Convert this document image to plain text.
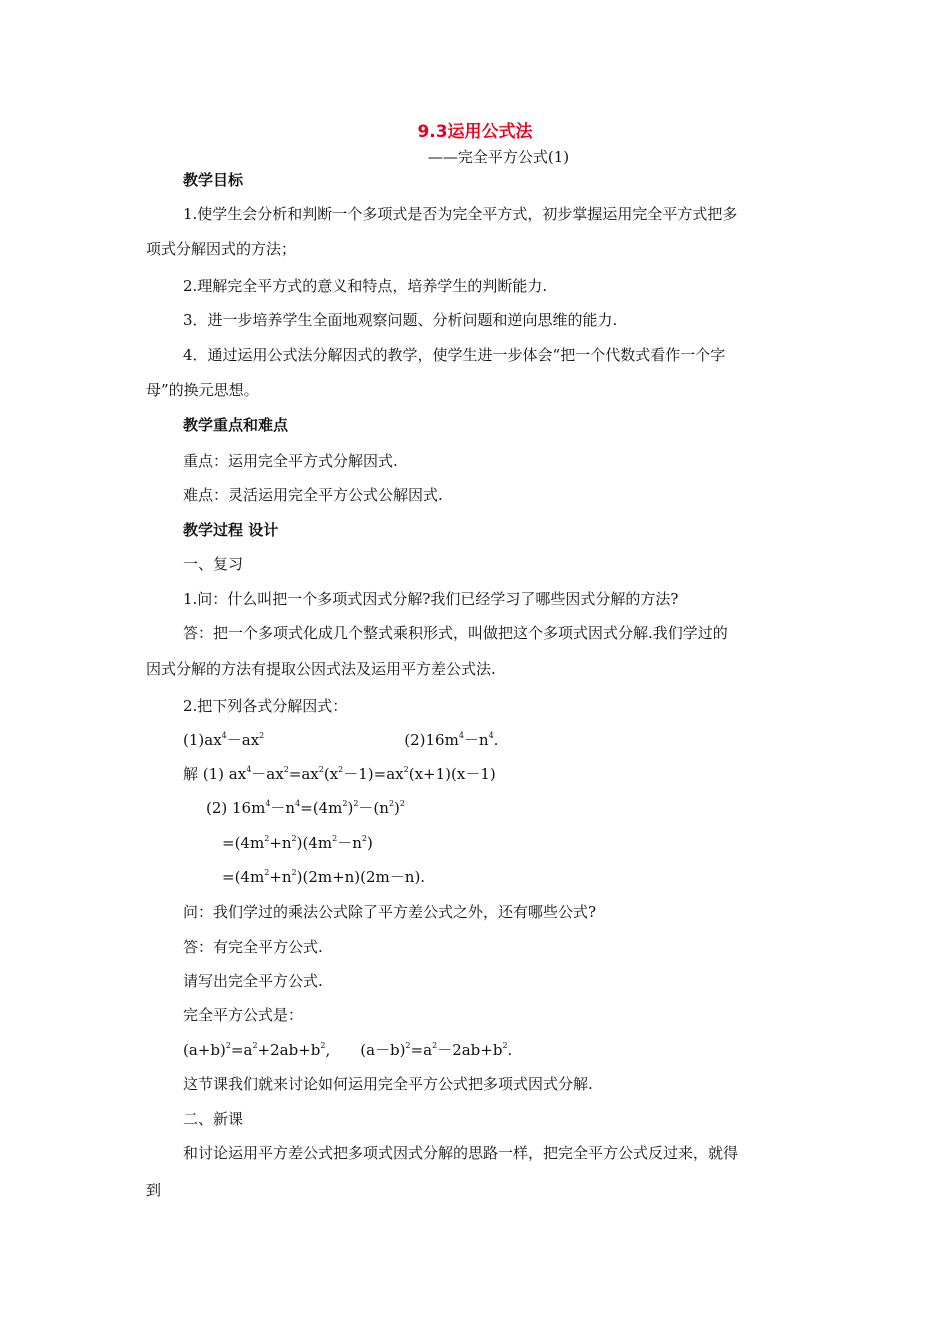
9.3运用公式法
——完全平方公式(1)
教学目标
1.使学生会分析和判断一个多项式是否为完全平方式，初步掌握运用完全平方式把多
项式分解因式的方法；
2.理解完全平方式的意义和特点，培养学生的判断能力.
3．进一步培养学生全面地观察问题、分析问题和逆向思维的能力.
4．通过运用公式法分解因式的教学，使学生进一步体会“把一个代数式看作一个字
母”的换元思想。
教学重点和难点
重点：运用完全平方式分解因式.
难点：灵活运用完全平方公式公解因式.
教学过程 设计
一、复习
1.问：什么叫把一个多项式因式分解?我们已经学习了哪些因式分解的方法?
答：把一个多项式化成几个整式乘积形式，叫做把这个多项式因式分解.我们学过的
因式分解的方法有提取公因式法及运用平方差公式法.
2.把下列各式分解因式：
$(1)ax^4-ax^2$	$(2)16m^4-n^4$.
解 (1) $ax^4-ax^2=ax^2(x^2-1)=ax^2(x+1)(x-1)$
(2) $16m^4-n^4=(4m^2)^2-(n^2)^2$
$=(4m^2+n^2)(4m^2-n^2)$
$=(4m^2+n^2)(2m+n)(2m-n)$.
问：我们学过的乘法公式除了平方差公式之外，还有哪些公式?
答：有完全平方公式.
请写出完全平方公式.
完全平方公式是：
$(a+b)^2=a^2+2ab+b^2$, $(a-b)^2=a^2-2ab+b^2$.
这节课我们就来讨论如何运用完全平方公式把多项式因式分解.
二、新课
和讨论运用平方差公式把多项式因式分解的思路一样，把完全平方公式反过来，就得
到
